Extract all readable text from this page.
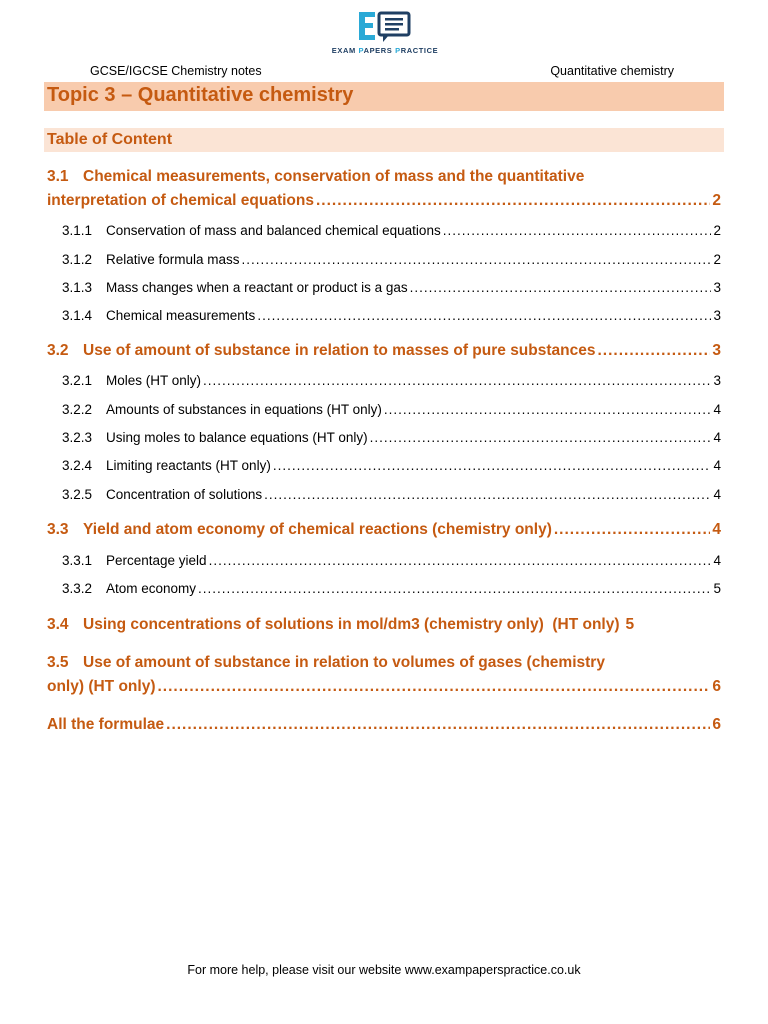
EXAM PAPERS PRACTICE
GCSE/IGCSE Chemistry notes	Quantitative chemistry
Topic 3 – Quantitative chemistry
Table of Content
3.1 Chemical measurements, conservation of mass and the quantitative
interpretation of chemical equations .....	2
3.1.1	Conservation of mass and balanced chemical equations .....	2
3.1.2	Relative formula mass .....	2
3.1.3	Mass changes when a reactant or product is a gas .....	3
3.1.4	Chemical measurements .....	3
3.2 Use of amount of substance in relation to masses of pure substances .....	3
3.2.1	Moles (HT only) .....	3
3.2.2	Amounts of substances in equations (HT only) .....	4
3.2.3	Using moles to balance equations (HT only) .....	4
3.2.4	Limiting reactants (HT only) .....	4
3.2.5	Concentration of solutions .....	4
3.3 Yield and atom economy of chemical reactions (chemistry only) .....	4
3.3.1	Percentage yield .....	4
3.3.2	Atom economy .....	5
3.4 Using concentrations of solutions in mol/dm3 (chemistry only)  (HT only) 5
3.5 Use of amount of substance in relation to volumes of gases (chemistry
only) (HT only) .....	6
All the formulae .....	6
For more help, please visit our website www.exampaperspractice.co.uk
